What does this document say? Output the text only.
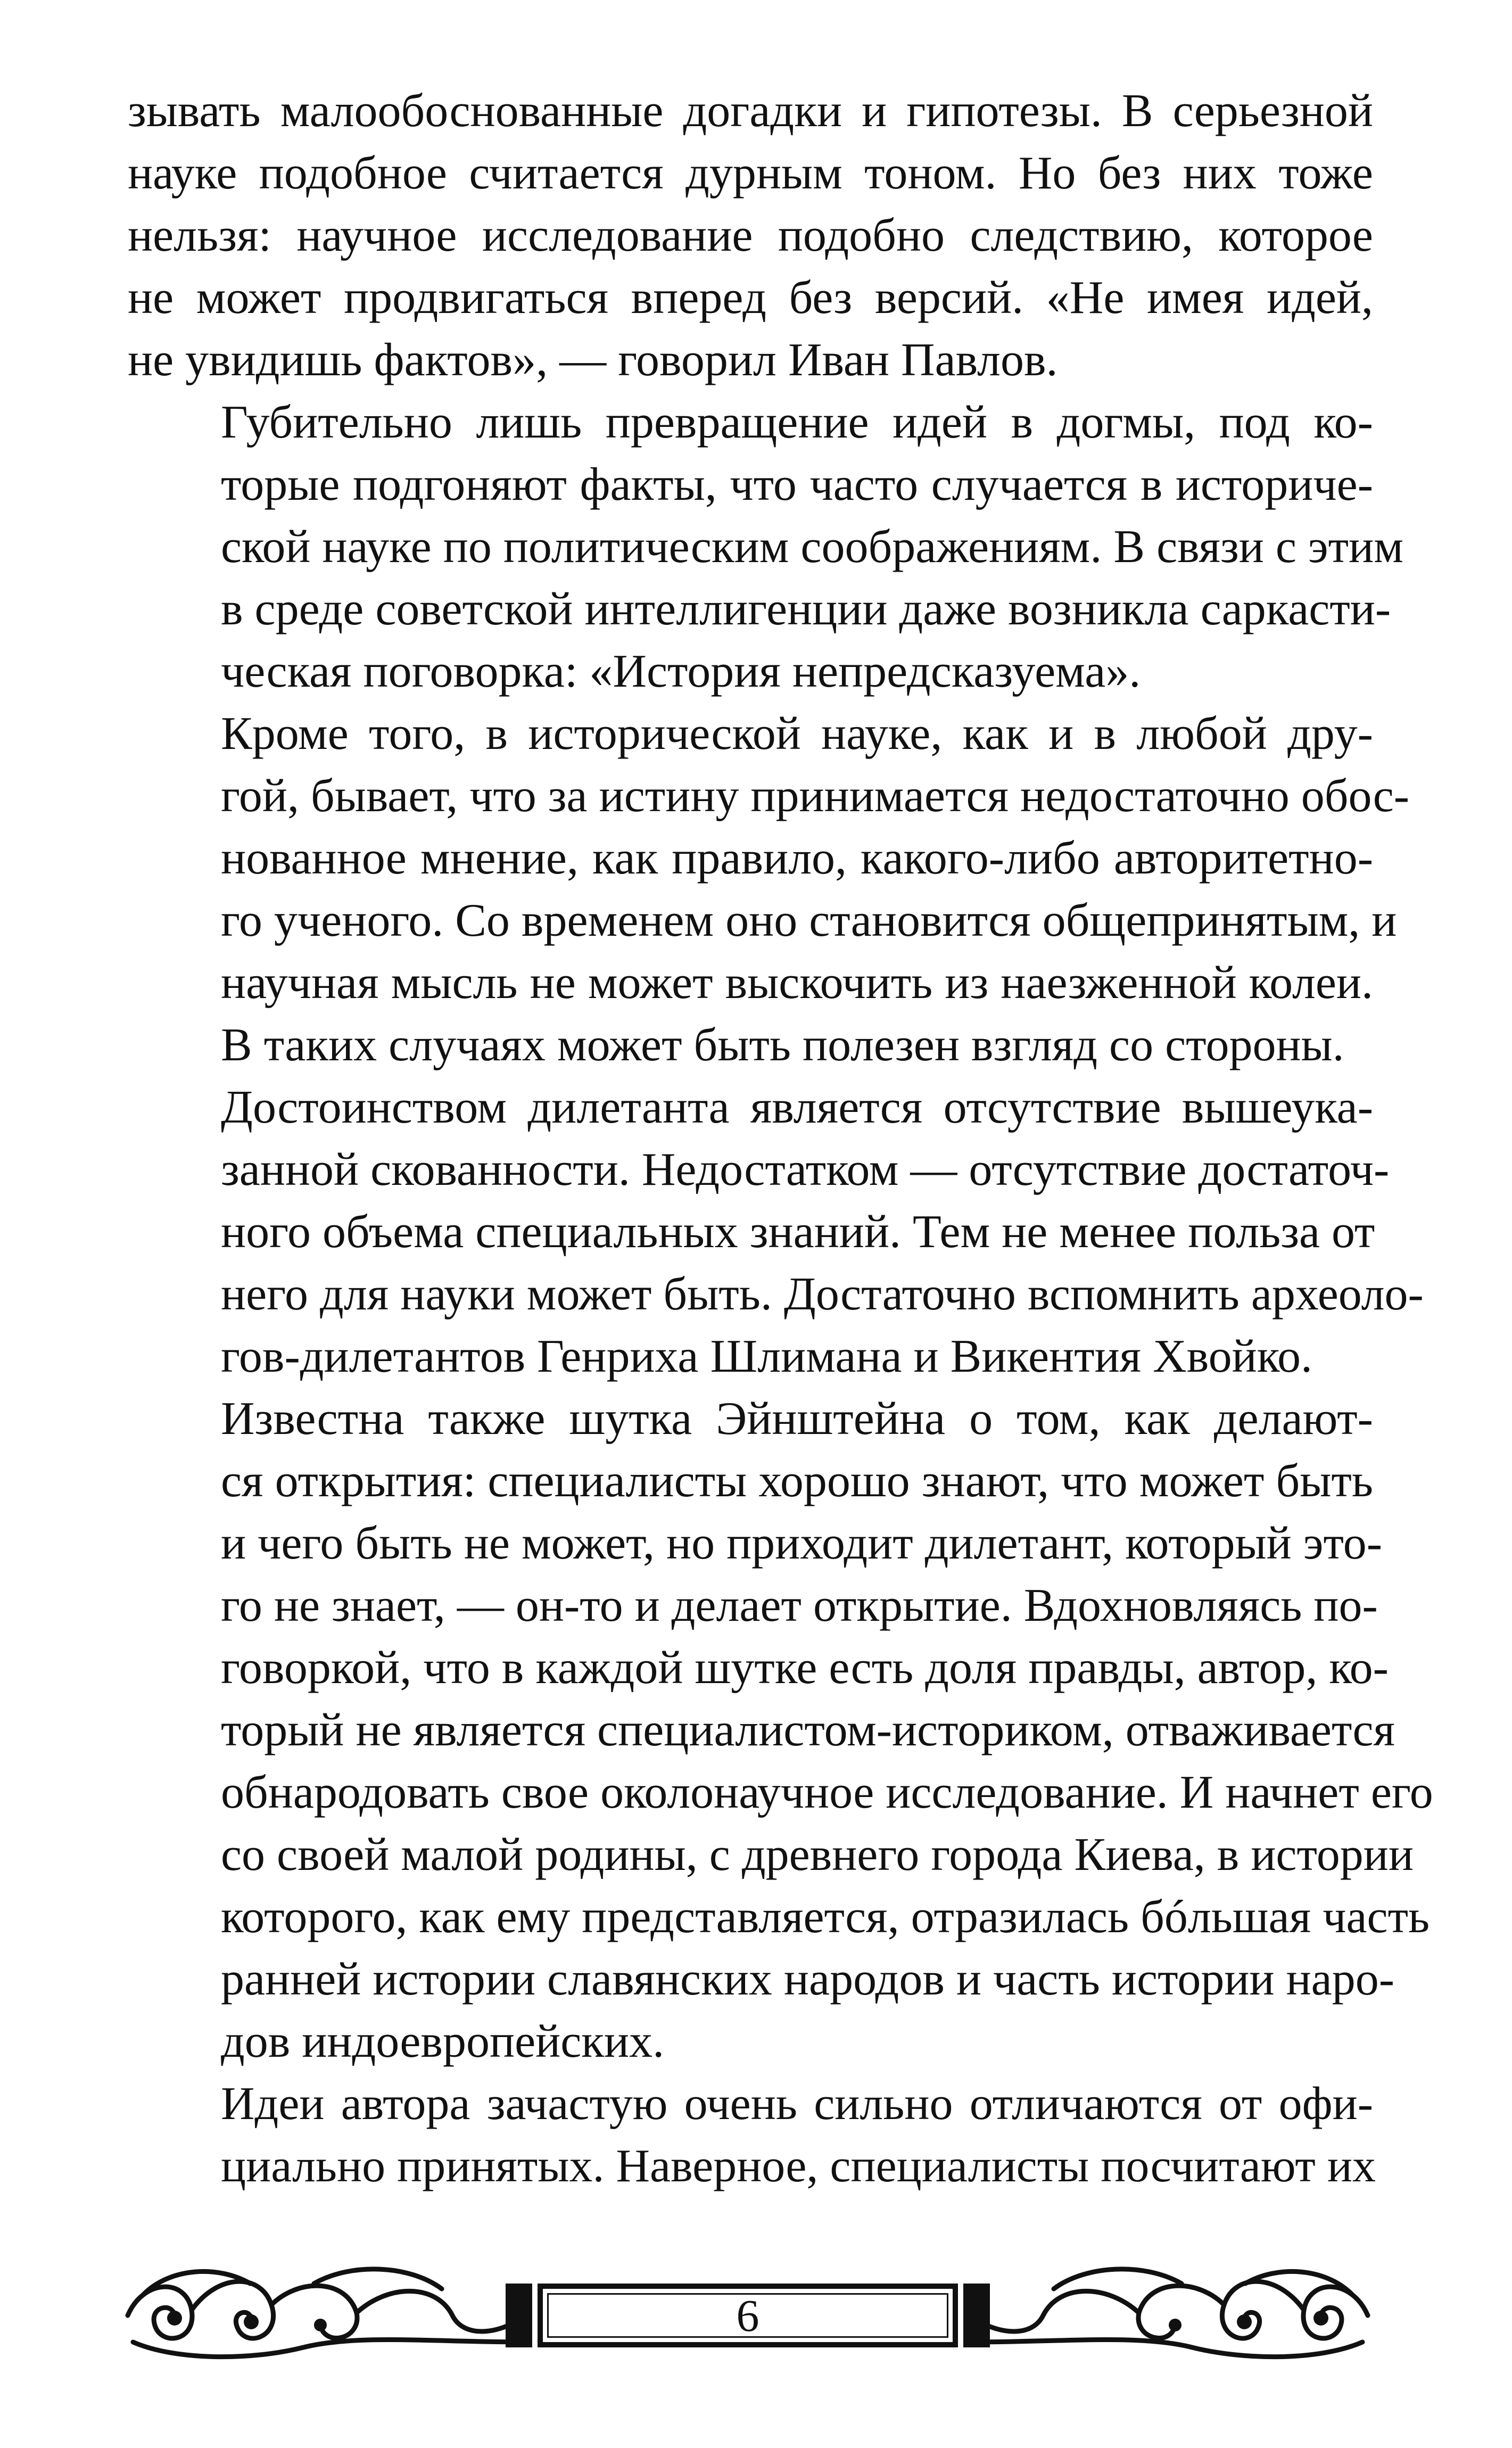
зывать малообоснованные догадки и гипотезы. В серьезной
науке подобное считается дурным тоном. Но без них тоже
нельзя: научное исследование подобно следствию, которое
не может продвигаться вперед без версий. «Не имея идей,
не увидишь фактов», — говорил Иван Павлов.

Губительно лишь превращение идей в догмы, под ко-
торые подгоняют факты, что часто случается в историче-
ской науке по политическим соображениям. В связи с этим
в среде советской интеллигенции даже возникла саркасти-
ческая поговорка: «История непредсказуема».

Кроме того, в исторической науке, как и в любой дру-
гой, бывает, что за истину принимается недостаточно обос-
нованное мнение, как правило, какого-либо авторитетно-
го ученого. Со временем оно становится общепринятым, и
научная мысль не может выскочить из наезженной колеи.
В таких случаях может быть полезен взгляд со стороны.

Достоинством дилетанта является отсутствие вышеука-
занной скованности. Недостатком — отсутствие достаточ-
ного объема специальных знаний. Тем не менее польза от
него для науки может быть. Достаточно вспомнить археоло-
гов-дилетантов Генриха Шлимана и Викентия Хвойко.

Известна также шутка Эйнштейна о том, как делают-
ся открытия: специалисты хорошо знают, что может быть
и чего быть не может, но приходит дилетант, который это-
го не знает, — он-то и делает открытие. Вдохновляясь по-
говоркой, что в каждой шутке есть доля правды, автор, ко-
торый не является специалистом-историком, отваживается
обнародовать свое околонаучное исследование. И начнет его
со своей малой родины, с древнего города Киева, в истории
которого, как ему представляется, отразилась бóльшая часть
ранней истории славянских народов и часть истории наро-
дов индоевропейских.

Идеи автора зачастую очень сильно отличаются от офи-
циально принятых. Наверное, специалисты посчитают их

6
